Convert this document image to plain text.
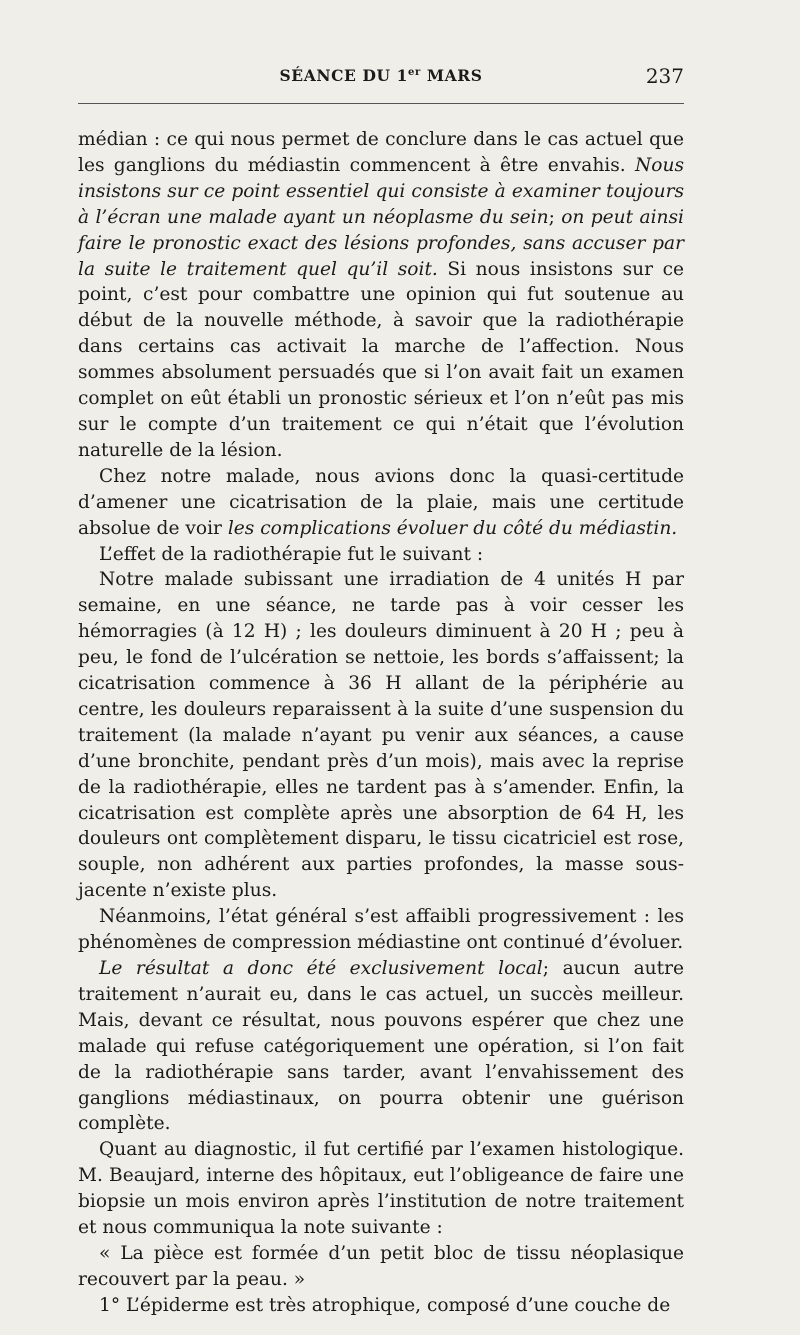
SÉANCE DU 1er MARS	237

médian : ce qui nous permet de conclure dans le cas actuel que les ganglions du médiastin commencent à être envahis. Nous insistons sur ce point essentiel qui consiste à examiner toujours à l’écran une malade ayant un néoplasme du sein; on peut ainsi faire le pronostic exact des lésions profondes, sans accuser par la suite le traitement quel qu’il soit. Si nous insistons sur ce point, c’est pour combattre une opinion qui fut soutenue au début de la nouvelle méthode, à savoir que la radiothérapie dans certains cas activait la marche de l’affection. Nous sommes absolument persuadés que si l’on avait fait un examen complet on eût établi un pronostic sérieux et l’on n’eût pas mis sur le compte d’un traitement ce qui n’était que l’évolution naturelle de la lésion.

Chez notre malade, nous avions donc la quasi-certitude d’amener une cicatrisation de la plaie, mais une certitude absolue de voir les complications évoluer du côté du médiastin.

L’effet de la radiothérapie fut le suivant :

Notre malade subissant une irradiation de 4 unités H par semaine, en une séance, ne tarde pas à voir cesser les hémorragies (à 12 H) ; les douleurs diminuent à 20 H ; peu à peu, le fond de l’ulcération se nettoie, les bords s’affaissent; la cicatrisation commence à 36 H allant de la périphérie au centre, les douleurs reparaissent à la suite d’une suspension du traitement (la malade n’ayant pu venir aux séances, a cause d’une bronchite, pendant près d’un mois), mais avec la reprise de la radiothérapie, elles ne tardent pas à s’amender. Enfin, la cicatrisation est complète après une absorption de 64 H, les douleurs ont complètement disparu, le tissu cicatriciel est rose, souple, non adhérent aux parties profondes, la masse sous-jacente n’existe plus.

Néanmoins, l’état général s’est affaibli progressivement : les phénomènes de compression médiastine ont continué d’évoluer.

Le résultat a donc été exclusivement local; aucun autre traitement n’aurait eu, dans le cas actuel, un succès meilleur. Mais, devant ce résultat, nous pouvons espérer que chez une malade qui refuse catégoriquement une opération, si l’on fait de la radiothérapie sans tarder, avant l’envahissement des ganglions médiastinaux, on pourra obtenir une guérison complète.

Quant au diagnostic, il fut certifié par l’examen histologique. M. Beaujard, interne des hôpitaux, eut l’obligeance de faire une biopsie un mois environ après l’institution de notre traitement et nous communiqua la note suivante :

« La pièce est formée d’un petit bloc de tissu néoplasique recouvert par la peau. »

1° L’épiderme est très atrophique, composé d’une couche de
